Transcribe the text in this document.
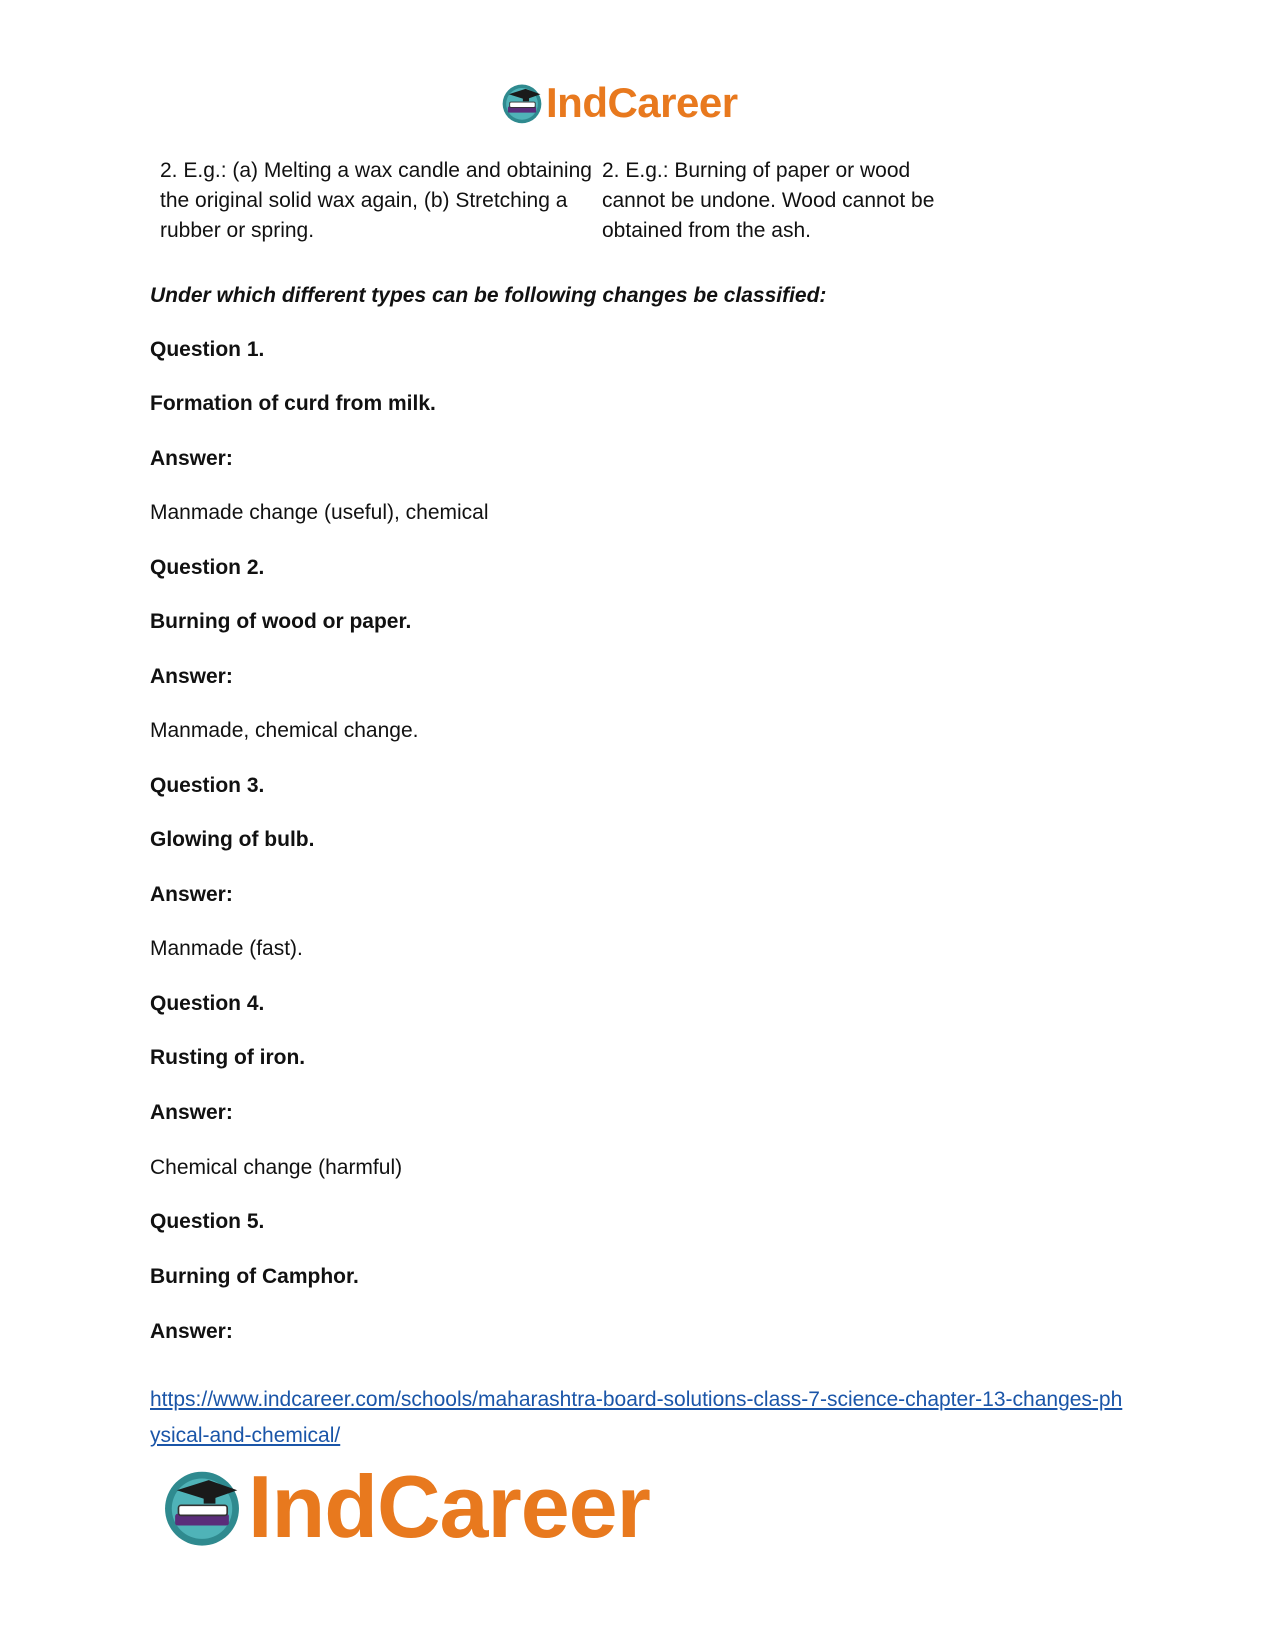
IndCareer
2. E.g.: (a) Melting a wax candle and obtaining the original solid wax again, (b) Stretching a rubber or spring.
2. E.g.: Burning of paper or wood cannot be undone. Wood cannot be obtained from the ash.
Under which different types can be following changes be classified:
Question 1.
Formation of curd from milk.
Answer:
Manmade change (useful), chemical
Question 2.
Burning of wood or paper.
Answer:
Manmade, chemical change.
Question 3.
Glowing of bulb.
Answer:
Manmade (fast).
Question 4.
Rusting of iron.
Answer:
Chemical change (harmful)
Question 5.
Burning of Camphor.
Answer:
https://www.indcareer.com/schools/maharashtra-board-solutions-class-7-science-chapter-13-changes-physical-and-chemical/
IndCareer
